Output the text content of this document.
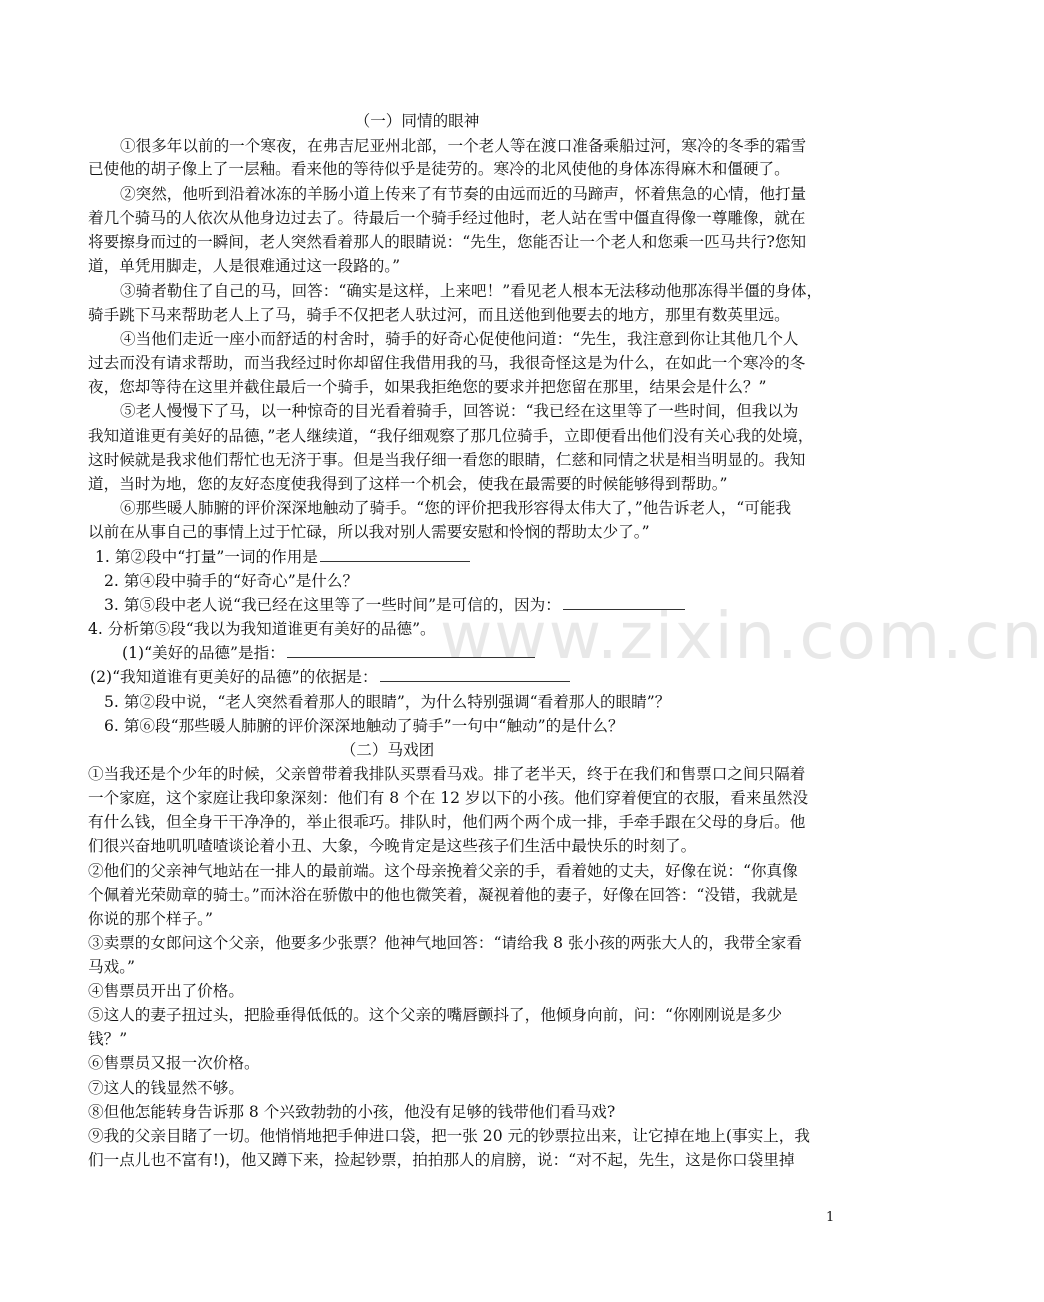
www.zixin.com.cn
（一）同情的眼神
①很多年以前的一个寒夜，在弗吉尼亚州北部，一个老人等在渡口准备乘船过河，寒冷的冬季的霜雪
已使他的胡子像上了一层釉。看来他的等待似乎是徒劳的。寒冷的北风使他的身体冻得麻木和僵硬了。
②突然，他听到沿着冰冻的羊肠小道上传来了有节奏的由远而近的马蹄声，怀着焦急的心情，他打量
着几个骑马的人依次从他身边过去了。待最后一个骑手经过他时，老人站在雪中僵直得像一尊雕像，就在
将要擦身而过的一瞬间，老人突然看着那人的眼睛说：“先生，您能否让一个老人和您乘一匹马共行?您知
道，单凭用脚走，人是很难通过这一段路的。”
③骑者勒住了自己的马，回答：“确实是这样，上来吧！”看见老人根本无法移动他那冻得半僵的身体，
骑手跳下马来帮助老人上了马，骑手不仅把老人驮过河，而且送他到他要去的地方，那里有数英里远。
④当他们走近一座小而舒适的村舍时，骑手的好奇心促使他问道：“先生，我注意到你让其他几个人
过去而没有请求帮助，而当我经过时你却留住我借用我的马，我很奇怪这是为什么，在如此一个寒冷的冬
夜，您却等待在这里并截住最后一个骑手，如果我拒绝您的要求并把您留在那里，结果会是什么？”
⑤老人慢慢下了马，以一种惊奇的目光看着骑手，回答说：“我已经在这里等了一些时间，但我以为
我知道谁更有美好的品德，”老人继续道，“我仔细观察了那几位骑手，立即便看出他们没有关心我的处境，
这时候就是我求他们帮忙也无济于事。但是当我仔细一看您的眼睛，仁慈和同情之状是相当明显的。我知
道，当时为地，您的友好态度使我得到了这样一个机会，使我在最需要的时候能够得到帮助。”
⑥那些暖人肺腑的评价深深地触动了骑手。“您的评价把我形容得太伟大了，”他告诉老人，“可能我
以前在从事自己的事情上过于忙碌，所以我对别人需要安慰和怜悯的帮助太少了。”
1. 第②段中“打量”一词的作用是
2. 第④段中骑手的“好奇心”是什么？
3. 第⑤段中老人说“我已经在这里等了一些时间”是可信的，因为：
4. 分析第⑤段“我以为我知道谁更有美好的品德”。
(1)“美好的品德”是指：
(2)“我知道谁有更美好的品德”的依据是：
5. 第②段中说，“老人突然看着那人的眼睛”，为什么特别强调“看着那人的眼睛”？
6. 第⑥段“那些暖人肺腑的评价深深地触动了骑手”一句中“触动”的是什么？
（二）马戏团
①当我还是个少年的时候，父亲曾带着我排队买票看马戏。排了老半天，终于在我们和售票口之间只隔着
一个家庭，这个家庭让我印象深刻：他们有 8 个在 12 岁以下的小孩。他们穿着便宜的衣服，看来虽然没
有什么钱，但全身干干净净的，举止很乖巧。排队时，他们两个两个成一排，手牵手跟在父母的身后。他
们很兴奋地叽叽喳喳谈论着小丑、大象，今晚肯定是这些孩子们生活中最快乐的时刻了。
②他们的父亲神气地站在一排人的最前端。这个母亲挽着父亲的手，看着她的丈夫，好像在说：“你真像
个佩着光荣勋章的骑士。”而沐浴在骄傲中的他也微笑着，凝视着他的妻子，好像在回答：“没错，我就是
你说的那个样子。”
③卖票的女郎问这个父亲，他要多少张票？他神气地回答：“请给我 8 张小孩的两张大人的，我带全家看
马戏。”
④售票员开出了价格。
⑤这人的妻子扭过头，把脸垂得低低的。这个父亲的嘴唇颤抖了，他倾身向前，问：“你刚刚说是多少
钱？”
⑥售票员又报一次价格。
⑦这人的钱显然不够。
⑧但他怎能转身告诉那 8 个兴致勃勃的小孩，他没有足够的钱带他们看马戏?
⑨我的父亲目睹了一切。他悄悄地把手伸进口袋，把一张 20 元的钞票拉出来，让它掉在地上(事实上，我
们一点儿也不富有!)，他又蹲下来，捡起钞票，拍拍那人的肩膀，说：“对不起，先生，这是你口袋里掉
1
